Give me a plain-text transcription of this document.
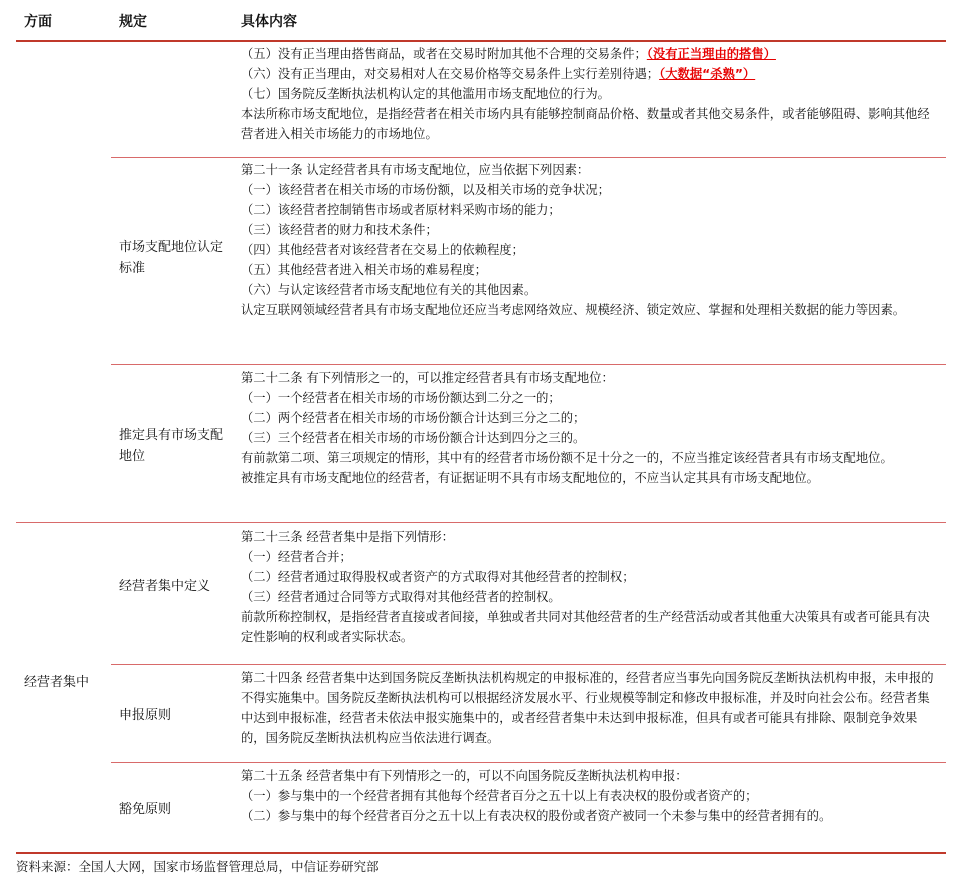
方面	规定	具体内容
（五）没有正当理由搭售商品，或者在交易时附加其他不合理的交易条件；（没有正当理由的搭售）
（六）没有正当理由，对交易相对人在交易价格等交易条件上实行差别待遇；（大数据“杀熟”）
（七）国务院反垄断执法机构认定的其他滥用市场支配地位的行为。
本法所称市场支配地位，是指经营者在相关市场内具有能够控制商品价格、数量或者其他交易条件，或者能够阻碍、影响其他经营者进入相关市场能力的市场地位。
市场支配地位认定标准
第二十一条 认定经营者具有市场支配地位，应当依据下列因素：
（一）该经营者在相关市场的市场份额，以及相关市场的竞争状况；
（二）该经营者控制销售市场或者原材料采购市场的能力；
（三）该经营者的财力和技术条件；
（四）其他经营者对该经营者在交易上的依赖程度；
（五）其他经营者进入相关市场的难易程度；
（六）与认定该经营者市场支配地位有关的其他因素。
认定互联网领域经营者具有市场支配地位还应当考虑网络效应、规模经济、锁定效应、掌握和处理相关数据的能力等因素。
推定具有市场支配地位
第二十二条 有下列情形之一的，可以推定经营者具有市场支配地位：
（一）一个经营者在相关市场的市场份额达到二分之一的；
（二）两个经营者在相关市场的市场份额合计达到三分之二的；
（三）三个经营者在相关市场的市场份额合计达到四分之三的。
有前款第二项、第三项规定的情形，其中有的经营者市场份额不足十分之一的，不应当推定该经营者具有市场支配地位。
被推定具有市场支配地位的经营者，有证据证明不具有市场支配地位的，不应当认定其具有市场支配地位。
经营者集中
经营者集中定义
第二十三条 经营者集中是指下列情形：
（一）经营者合并；
（二）经营者通过取得股权或者资产的方式取得对其他经营者的控制权；
（三）经营者通过合同等方式取得对其他经营者的控制权。
前款所称控制权，是指经营者直接或者间接，单独或者共同对其他经营者的生产经营活动或者其他重大决策具有或者可能具有决定性影响的权利或者实际状态。
申报原则
第二十四条 经营者集中达到国务院反垄断执法机构规定的申报标准的，经营者应当事先向国务院反垄断执法机构申报，未申报的不得实施集中。国务院反垄断执法机构可以根据经济发展水平、行业规模等制定和修改申报标准，并及时向社会公布。经营者集中达到申报标准，经营者未依法申报实施集中的，或者经营者集中未达到申报标准，但具有或者可能具有排除、限制竞争效果的，国务院反垄断执法机构应当依法进行调查。
豁免原则
第二十五条 经营者集中有下列情形之一的，可以不向国务院反垄断执法机构申报：
（一）参与集中的一个经营者拥有其他每个经营者百分之五十以上有表决权的股份或者资产的；
（二）参与集中的每个经营者百分之五十以上有表决权的股份或者资产被同一个未参与集中的经营者拥有的。
资料来源：全国人大网，国家市场监督管理总局，中信证券研究部
